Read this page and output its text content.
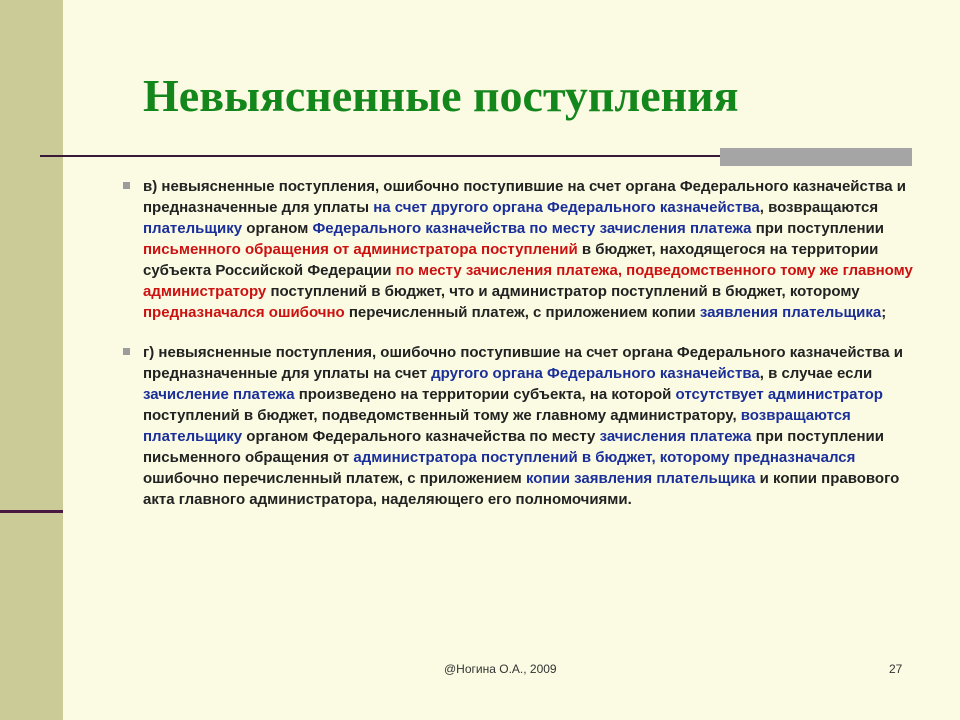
Невыясненные поступления
в) невыясненные поступления, ошибочно поступившие на счет органа Федерального казначейства и предназначенные для уплаты на счет другого органа Федерального казначейства, возвращаются плательщику органом Федерального казначейства по месту зачисления платежа при поступлении письменного обращения от администратора поступлений в бюджет, находящегося на территории субъекта Российской Федерации по месту зачисления платежа, подведомственного тому же главному администратору поступлений в бюджет, что и администратор поступлений в бюджет, которому предназначался ошибочно перечисленный платеж, с приложением копии заявления плательщика;
г) невыясненные поступления, ошибочно поступившие на счет органа Федерального казначейства и предназначенные для уплаты на счет другого органа Федерального казначейства, в случае если зачисление платежа произведено на территории субъекта, на которой отсутствует администратор поступлений в бюджет, подведомственный тому же главному администратору, возвращаются плательщику органом Федерального казначейства по месту зачисления платежа при поступлении письменного обращения от администратора поступлений в бюджет, которому предназначался ошибочно перечисленный платеж, с приложением копии заявления плательщика и копии правового акта главного администратора, наделяющего его полномочиями.
@Ногина О.А., 2009	27
